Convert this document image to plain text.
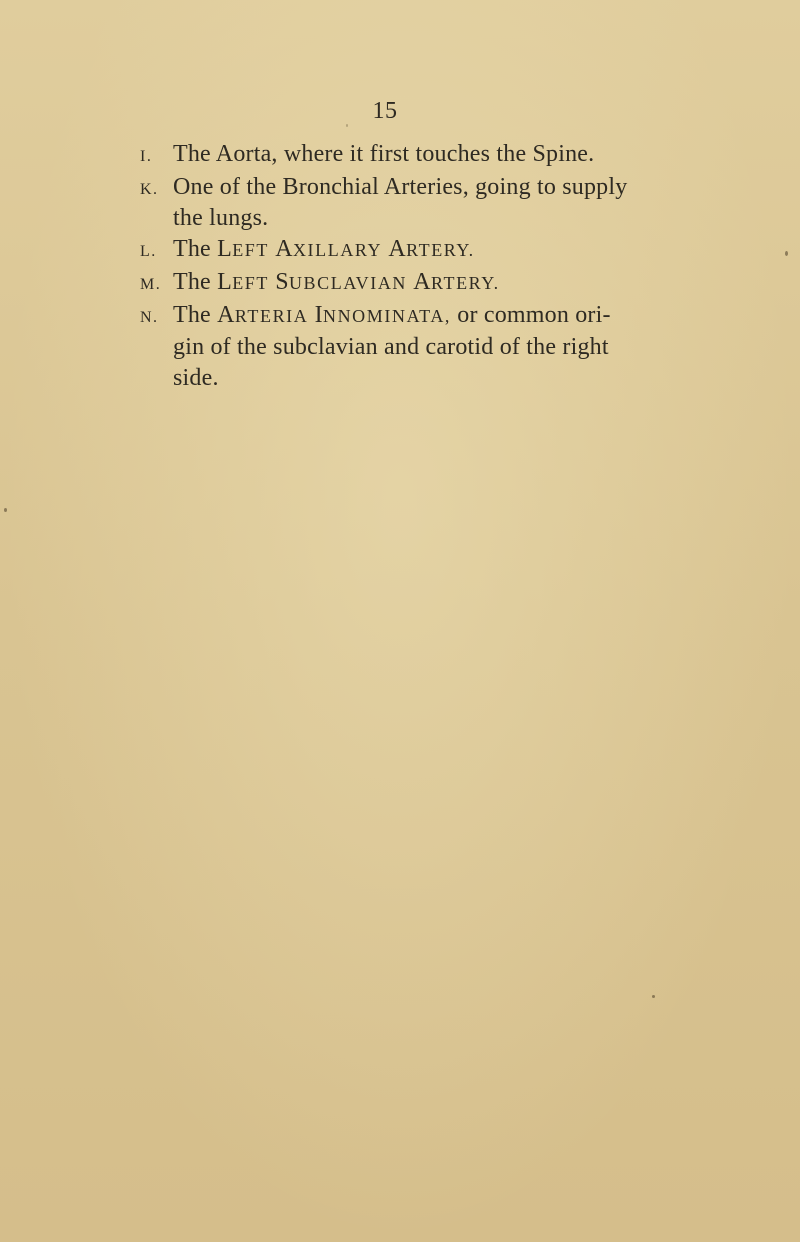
15
I. The Aorta, where it first touches the Spine.
K. One of the Bronchial Arteries, going to supply
the lungs.
L. The LEFT AXILLARY ARTERY.
M. The LEFT SUBCLAVIAN ARTERY.
N. The ARTERIA INNOMINATA, or common ori-
gin of the subclavian and carotid of the right
side.
